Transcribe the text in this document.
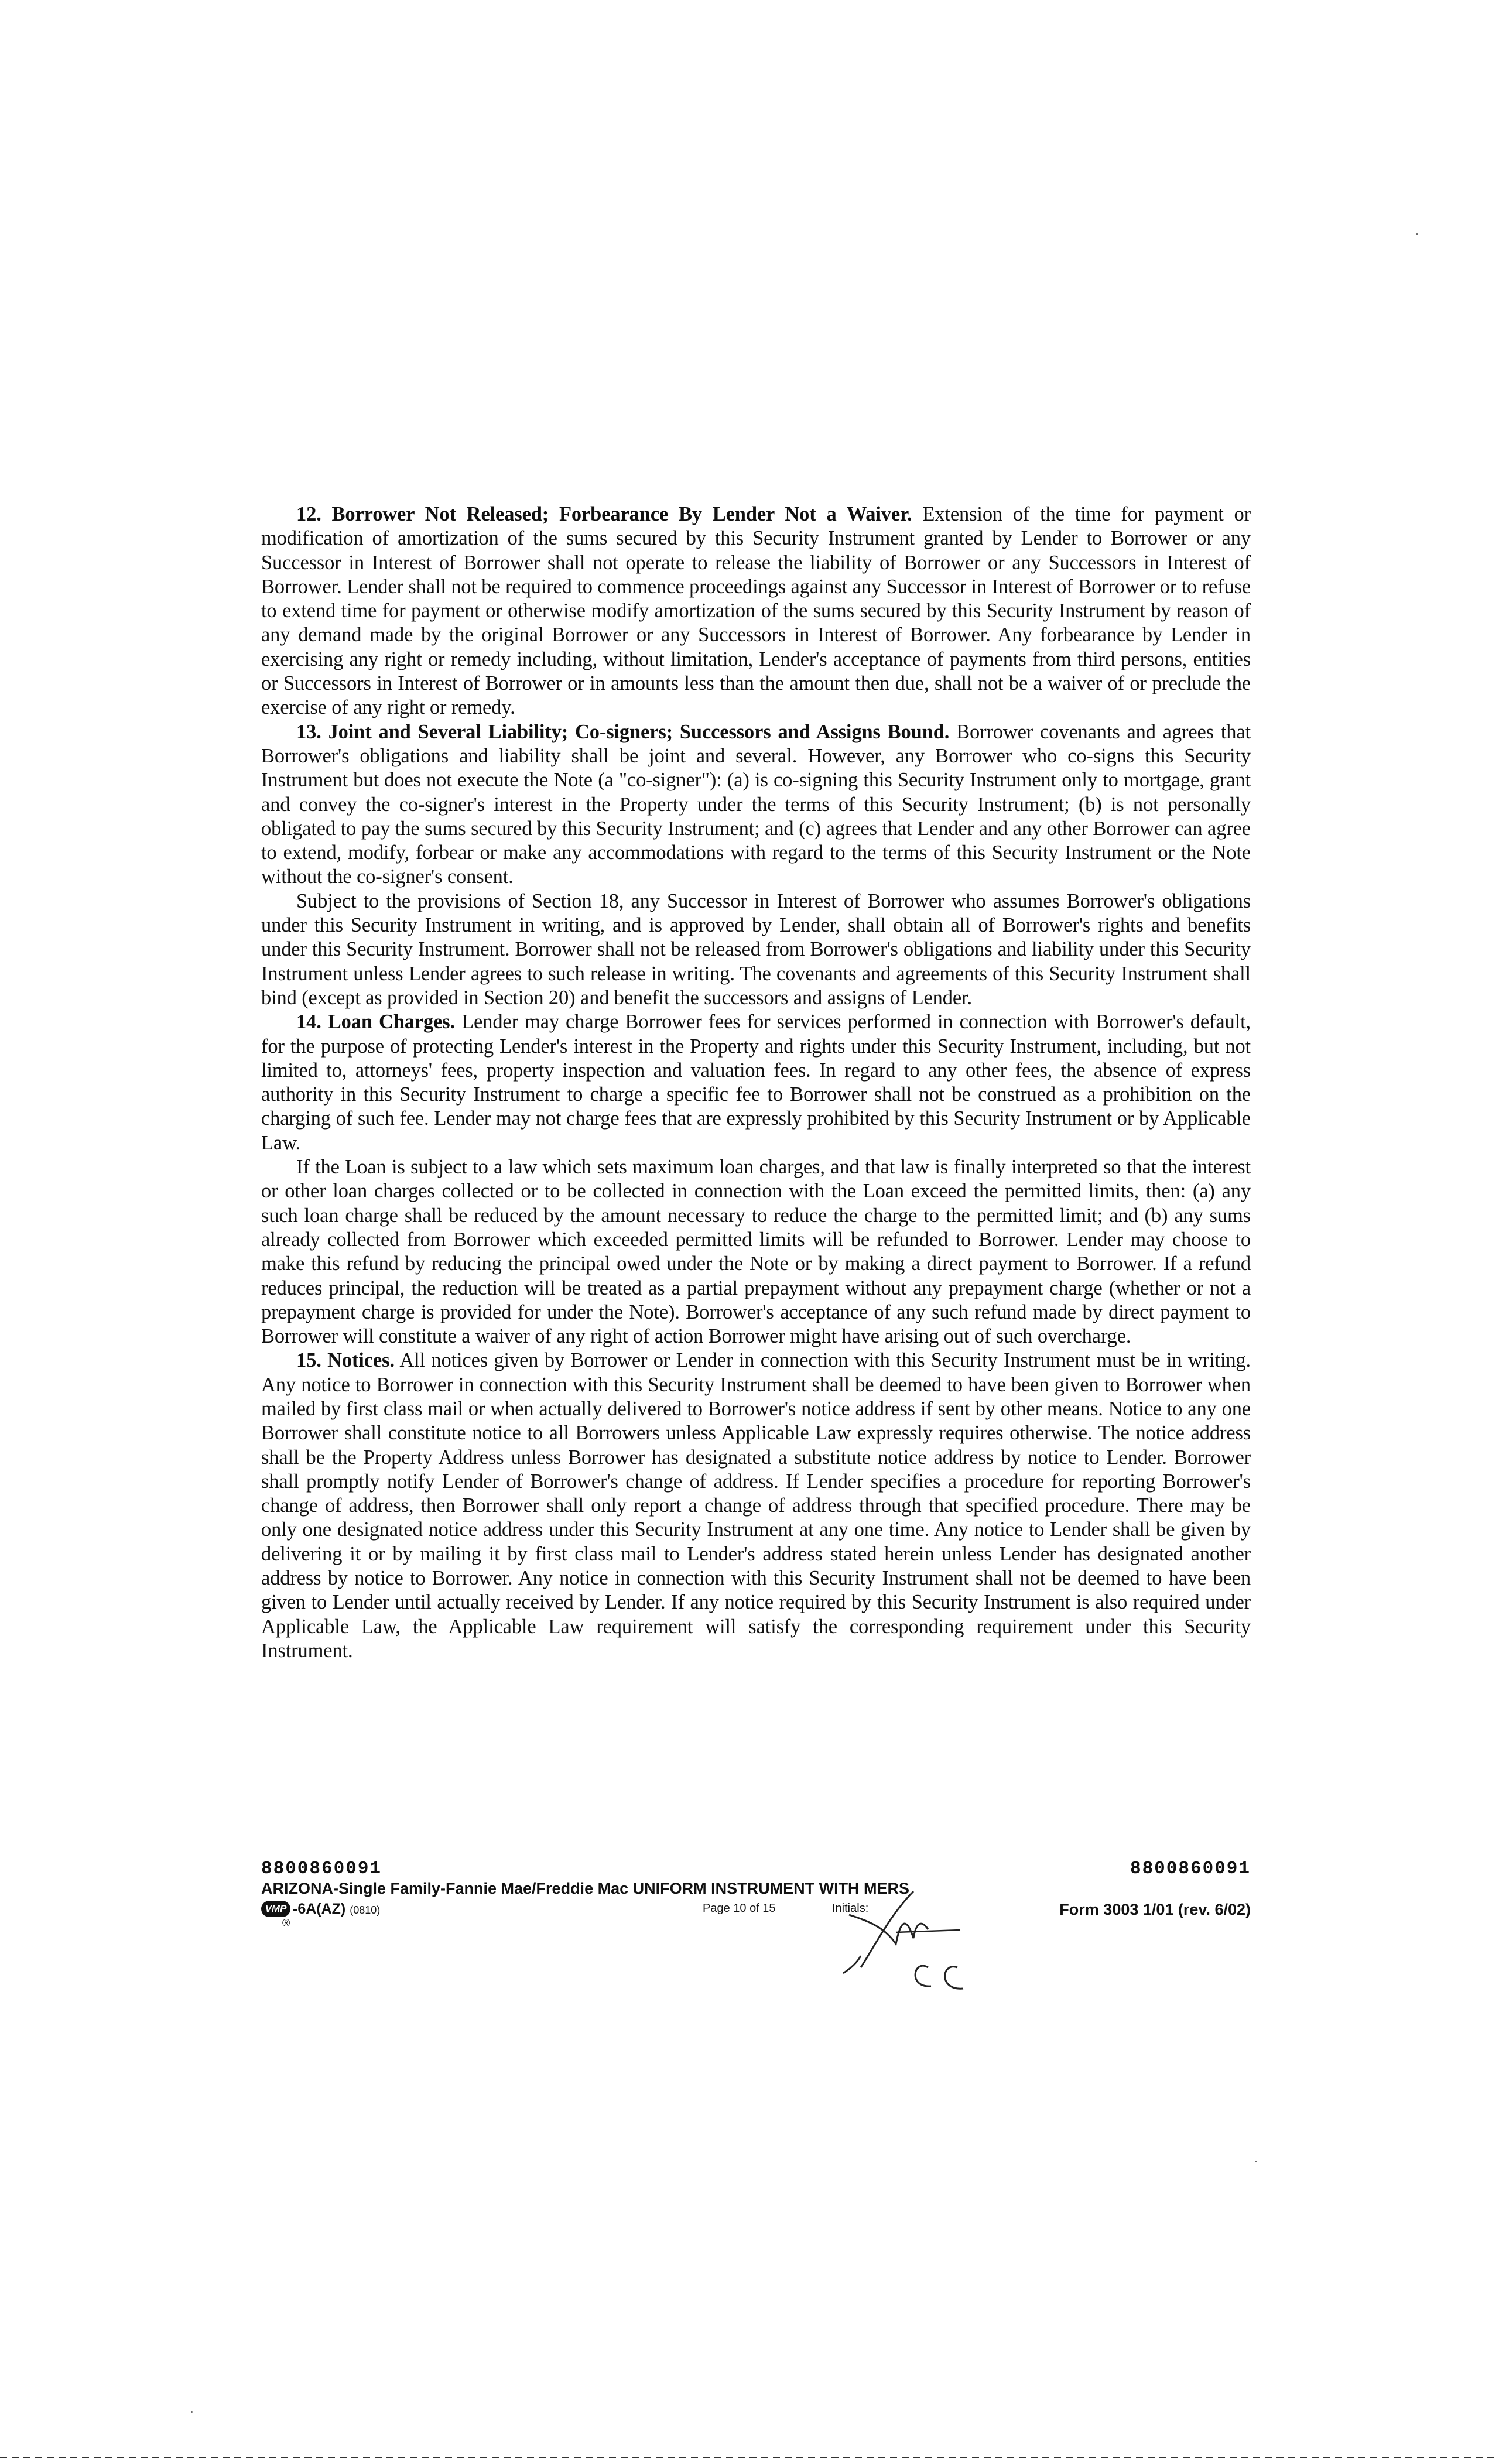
12. Borrower Not Released; Forbearance By Lender Not a Waiver. Extension of the time for payment or modification of amortization of the sums secured by this Security Instrument granted by Lender to Borrower or any Successor in Interest of Borrower shall not operate to release the liability of Borrower or any Successors in Interest of Borrower. Lender shall not be required to commence proceedings against any Successor in Interest of Borrower or to refuse to extend time for payment or otherwise modify amortization of the sums secured by this Security Instrument by reason of any demand made by the original Borrower or any Successors in Interest of Borrower. Any forbearance by Lender in exercising any right or remedy including, without limitation, Lender's acceptance of payments from third persons, entities or Successors in Interest of Borrower or in amounts less than the amount then due, shall not be a waiver of or preclude the exercise of any right or remedy.

13. Joint and Several Liability; Co-signers; Successors and Assigns Bound. Borrower covenants and agrees that Borrower's obligations and liability shall be joint and several. However, any Borrower who co-signs this Security Instrument but does not execute the Note (a "co-signer"): (a) is co-signing this Security Instrument only to mortgage, grant and convey the co-signer's interest in the Property under the terms of this Security Instrument; (b) is not personally obligated to pay the sums secured by this Security Instrument; and (c) agrees that Lender and any other Borrower can agree to extend, modify, forbear or make any accommodations with regard to the terms of this Security Instrument or the Note without the co-signer's consent.

Subject to the provisions of Section 18, any Successor in Interest of Borrower who assumes Borrower's obligations under this Security Instrument in writing, and is approved by Lender, shall obtain all of Borrower's rights and benefits under this Security Instrument. Borrower shall not be released from Borrower's obligations and liability under this Security Instrument unless Lender agrees to such release in writing. The covenants and agreements of this Security Instrument shall bind (except as provided in Section 20) and benefit the successors and assigns of Lender.

14. Loan Charges. Lender may charge Borrower fees for services performed in connection with Borrower's default, for the purpose of protecting Lender's interest in the Property and rights under this Security Instrument, including, but not limited to, attorneys' fees, property inspection and valuation fees. In regard to any other fees, the absence of express authority in this Security Instrument to charge a specific fee to Borrower shall not be construed as a prohibition on the charging of such fee. Lender may not charge fees that are expressly prohibited by this Security Instrument or by Applicable Law.

If the Loan is subject to a law which sets maximum loan charges, and that law is finally interpreted so that the interest or other loan charges collected or to be collected in connection with the Loan exceed the permitted limits, then: (a) any such loan charge shall be reduced by the amount necessary to reduce the charge to the permitted limit; and (b) any sums already collected from Borrower which exceeded permitted limits will be refunded to Borrower. Lender may choose to make this refund by reducing the principal owed under the Note or by making a direct payment to Borrower. If a refund reduces principal, the reduction will be treated as a partial prepayment without any prepayment charge (whether or not a prepayment charge is provided for under the Note). Borrower's acceptance of any such refund made by direct payment to Borrower will constitute a waiver of any right of action Borrower might have arising out of such overcharge.

15. Notices. All notices given by Borrower or Lender in connection with this Security Instrument must be in writing. Any notice to Borrower in connection with this Security Instrument shall be deemed to have been given to Borrower when mailed by first class mail or when actually delivered to Borrower's notice address if sent by other means. Notice to any one Borrower shall constitute notice to all Borrowers unless Applicable Law expressly requires otherwise. The notice address shall be the Property Address unless Borrower has designated a substitute notice address by notice to Lender. Borrower shall promptly notify Lender of Borrower's change of address. If Lender specifies a procedure for reporting Borrower's change of address, then Borrower shall only report a change of address through that specified procedure. There may be only one designated notice address under this Security Instrument at any one time. Any notice to Lender shall be given by delivering it or by mailing it by first class mail to Lender's address stated herein unless Lender has designated another address by notice to Borrower. Any notice in connection with this Security Instrument shall not be deemed to have been given to Lender until actually received by Lender. If any notice required by this Security Instrument is also required under Applicable Law, the Applicable Law requirement will satisfy the corresponding requirement under this Security Instrument.

8800860091	8800860091
ARIZONA-Single Family-Fannie Mae/Freddie Mac UNIFORM INSTRUMENT WITH MERS
VMP
®
-6A(AZ) (0810)	Page 10 of 15	Initials:	Form 3003 1/01 (rev. 6/02)
